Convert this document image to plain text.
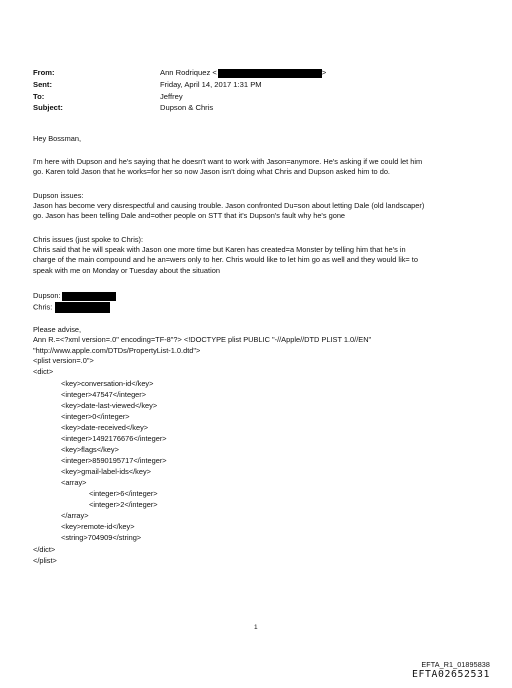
From:	Ann Rodriquez <	>
Sent:	Friday, April 14, 2017 1:31 PM
To:	Jeffrey
Subject:	Dupson & Chris
Hey Bossman,
I'm here with Dupson and he's saying that he doesn't want to work with Jason=anymore. He's asking if we could let him
go. Karen told Jason that he works=for her so now Jason isn't doing what Chris and Dupson asked him to do.
Dupson issues:
Jason has become very disrespectful and causing trouble. Jason confronted Du=son about letting Dale (old landscaper)
go. Jason has been telling Dale and=other people on STT that it's Dupson's fault why he's gone
Chris issues (just spoke to Chris):
Chris said that he will speak with Jason one more time but Karen has created=a Monster by telling him that he's in
charge of the main compound and he an=wers only to her. Chris would like to let him go as well and they would lik= to
speak with me on Monday or Tuesday about the situation
Dupson:
Chris:
Please advise,
Ann R.=<?xml version=.0" encoding=TF-8"?> <!DOCTYPE plist PUBLIC "-//Apple//DTD PLIST 1.0//EN"
"http://www.apple.com/DTDs/PropertyList-1.0.dtd">
<plist version=.0">
<dict>
<key>conversation-id</key>
<integer>47547</integer>
<key>date-last-viewed</key>
<integer>0</integer>
<key>date-received</key>
<integer>1492176676</integer>
<key>flags</key>
<integer>8590195717</integer>
<key>gmail-label-ids</key>
<array>
<integer>6</integer>
<integer>2</integer>
</array>
<key>remote-id</key>
<string>704909</string>
</dict>
</plist>
1
EFTA_R1_01895838
EFTA02652531
